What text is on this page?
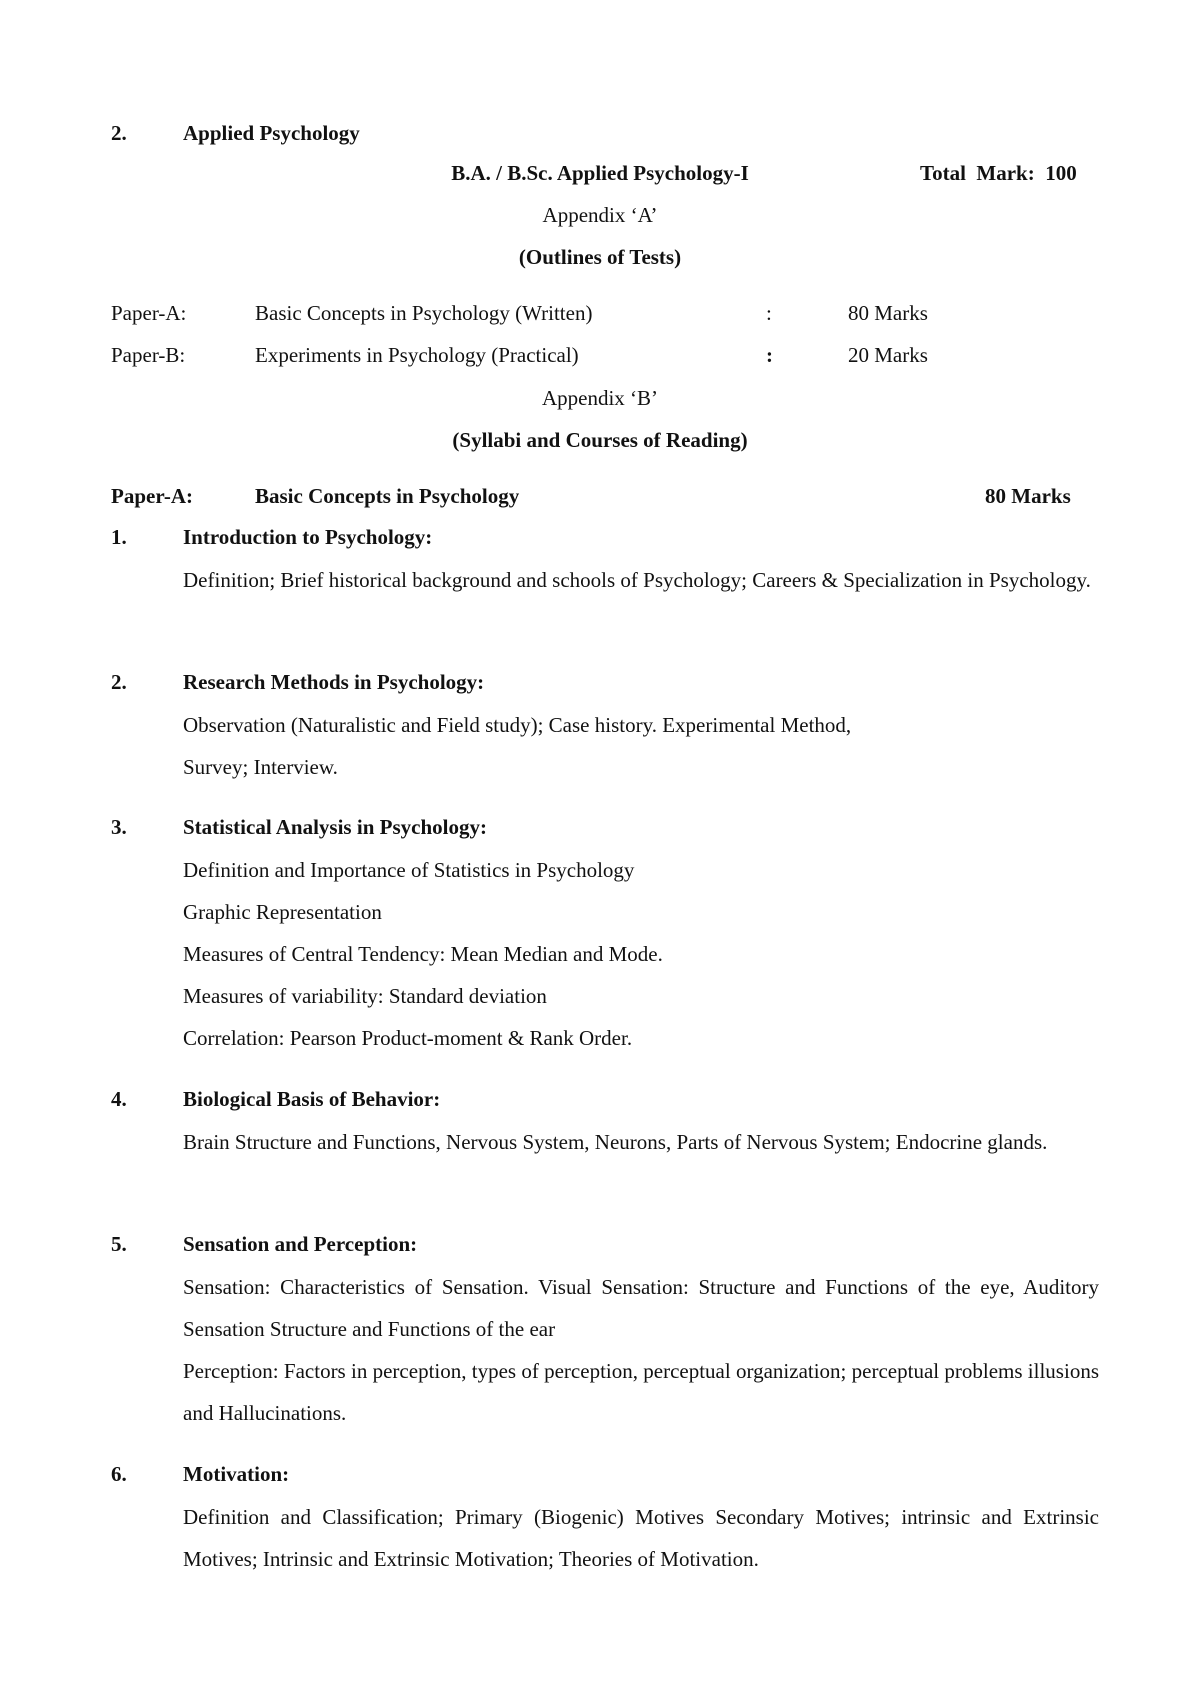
2.	Applied Psychology
B.A. / B.Sc. Applied Psychology-I	Total  Mark:  100
Appendix ‘A’
(Outlines of Tests)
Paper-A:	Basic Concepts in Psychology (Written)	:	80 Marks
Paper-B:	Experiments in Psychology (Practical)	:	20 Marks
Appendix ‘B’
(Syllabi and Courses of Reading)
Paper-A:	Basic Concepts in Psychology	80 Marks
1.	Introduction to Psychology:
Definition; Brief historical background and schools of Psychology; Careers & Specialization in Psychology.
2.	Research Methods in Psychology:
Observation (Naturalistic and Field study); Case history. Experimental Method,
Survey; Interview.
3.	Statistical Analysis in Psychology:
Definition and Importance of Statistics in Psychology
Graphic Representation
Measures of Central Tendency: Mean Median and Mode.
Measures of variability: Standard deviation
Correlation: Pearson Product-moment & Rank Order.
4.	Biological Basis of Behavior:
Brain Structure and Functions, Nervous System, Neurons, Parts of Nervous System; Endocrine glands.
5.	Sensation and Perception:
Sensation: Characteristics of Sensation. Visual Sensation: Structure and Functions of the eye, Auditory Sensation Structure and Functions of the ear
Perception: Factors in perception, types of perception, perceptual organization; perceptual problems illusions and Hallucinations.
6.	Motivation:
Definition and Classification; Primary (Biogenic) Motives Secondary Motives; intrinsic and Extrinsic Motives; Intrinsic and Extrinsic Motivation; Theories of Motivation.
